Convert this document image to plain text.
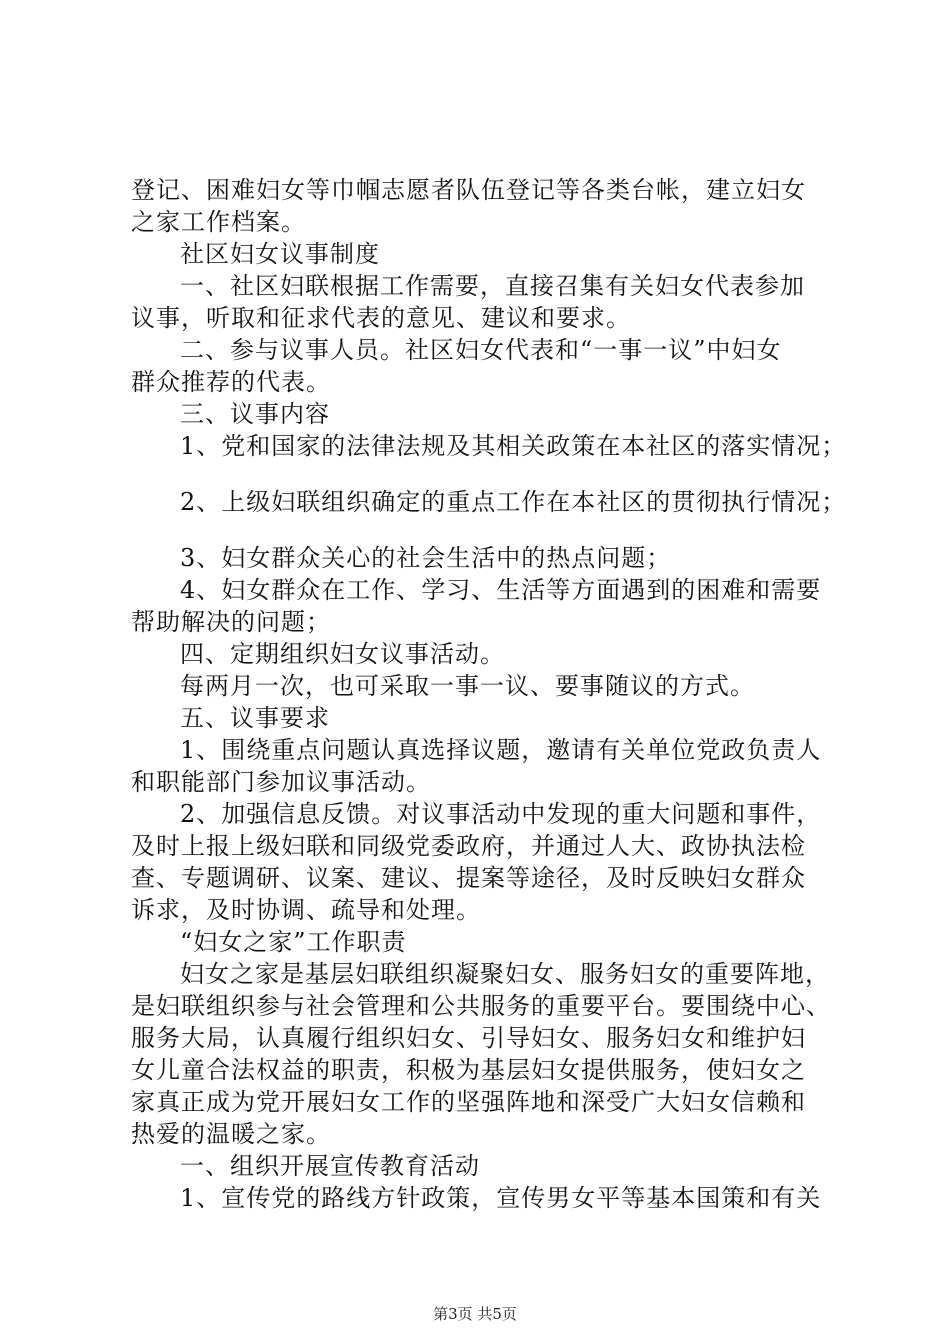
登记、困难妇女等巾帼志愿者队伍登记等各类台帐，建立妇女
之家工作档案。
社区妇女议事制度
一、社区妇联根据工作需要，直接召集有关妇女代表参加
议事，听取和征求代表的意见、建议和要求。
二、参与议事人员。社区妇女代表和“一事一议”中妇女
群众推荐的代表。
三、议事内容
1、党和国家的法律法规及其相关政策在本社区的落实情况；
2、上级妇联组织确定的重点工作在本社区的贯彻执行情况；
3、妇女群众关心的社会生活中的热点问题；
4、妇女群众在工作、学习、生活等方面遇到的困难和需要
帮助解决的问题；
四、定期组织妇女议事活动。
每两月一次，也可采取一事一议、要事随议的方式。
五、议事要求
1、围绕重点问题认真选择议题，邀请有关单位党政负责人
和职能部门参加议事活动。
2、加强信息反馈。对议事活动中发现的重大问题和事件，
及时上报上级妇联和同级党委政府，并通过人大、政协执法检
查、专题调研、议案、建议、提案等途径，及时反映妇女群众
诉求，及时协调、疏导和处理。
“妇女之家”工作职责
妇女之家是基层妇联组织凝聚妇女、服务妇女的重要阵地，
是妇联组织参与社会管理和公共服务的重要平台。要围绕中心、
服务大局，认真履行组织妇女、引导妇女、服务妇女和维护妇
女儿童合法权益的职责，积极为基层妇女提供服务，使妇女之
家真正成为党开展妇女工作的坚强阵地和深受广大妇女信赖和
热爱的温暖之家。
一、组织开展宣传教育活动
1、宣传党的路线方针政策，宣传男女平等基本国策和有关
第3页 共5页
